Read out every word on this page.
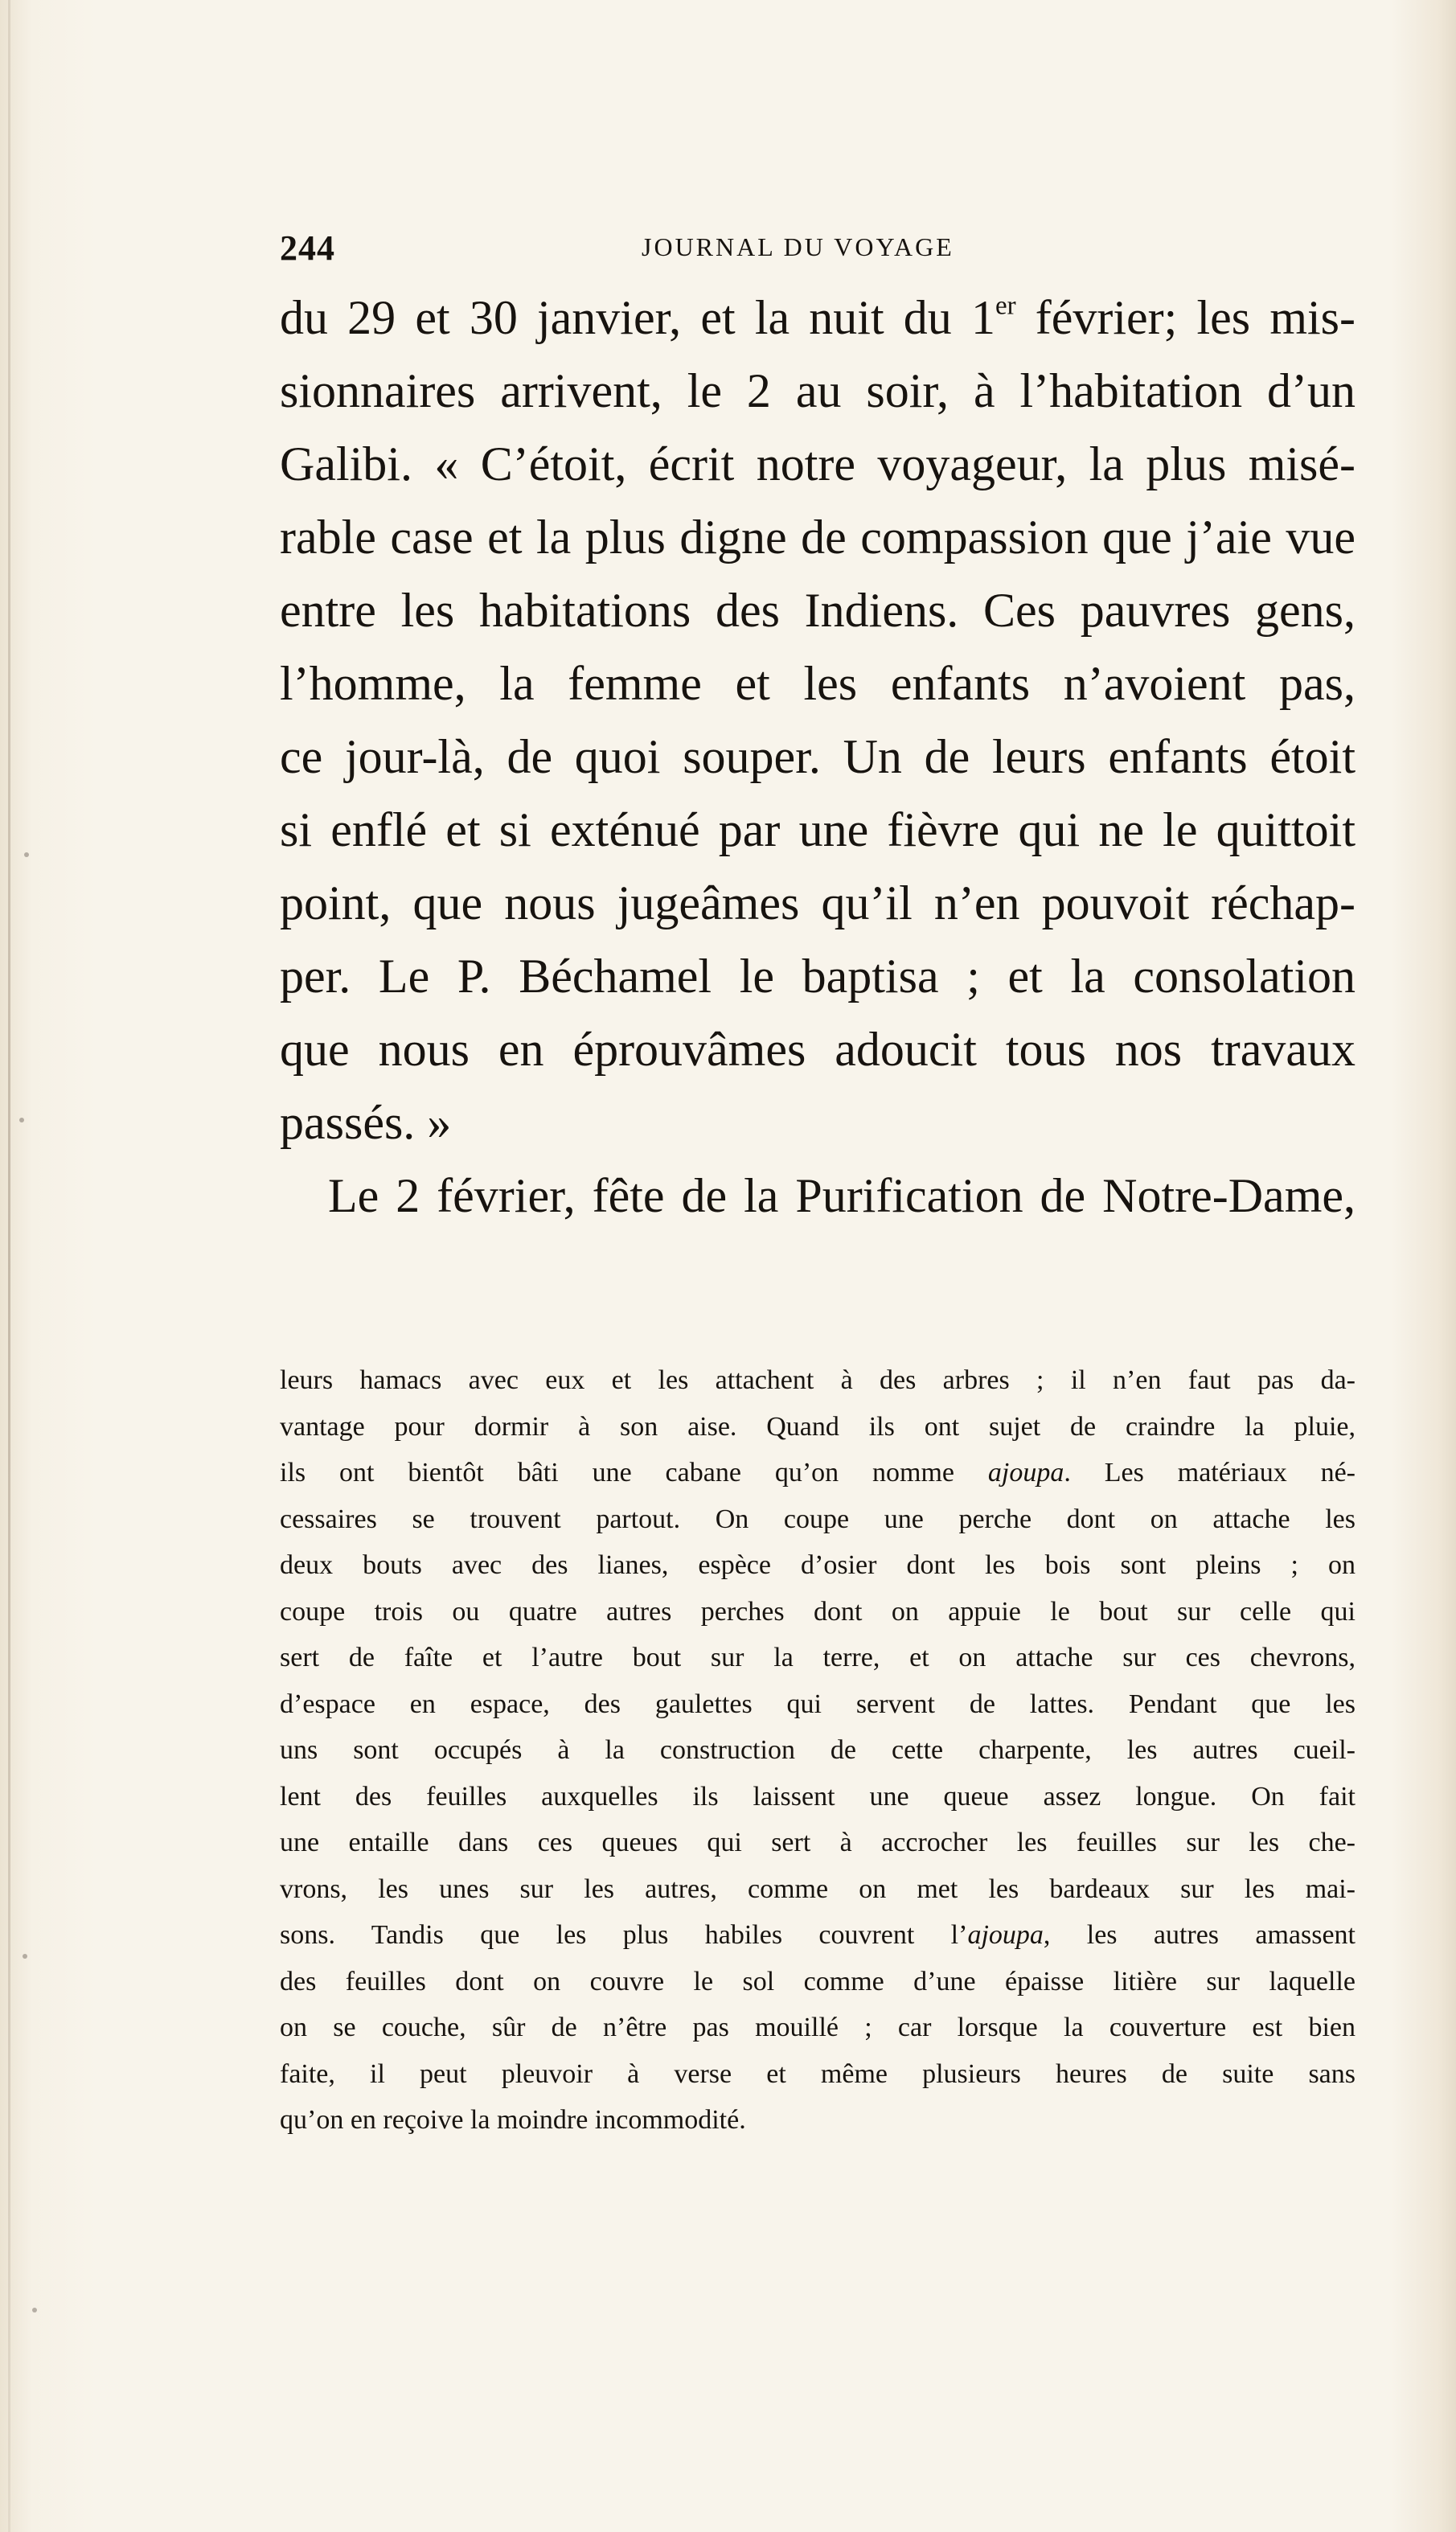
244	JOURNAL DU VOYAGE
du 29 et 30 janvier, et la nuit du 1er février; les mis-
sionnaires arrivent, le 2 au soir, à l’habitation d’un
Galibi. « C’étoit, écrit notre voyageur, la plus misé-
rable case et la plus digne de compassion que j’aie vue
entre les habitations des Indiens. Ces pauvres gens,
l’homme, la femme et les enfants n’avoient pas,
ce jour-là, de quoi souper. Un de leurs enfants étoit
si enflé et si exténué par une fièvre qui ne le quittoit
point, que nous jugeâmes qu’il n’en pouvoit réchap-
per. Le P. Béchamel le baptisa ; et la consolation
que nous en éprouvâmes adoucit tous nos travaux
passés. »
Le 2 février, fête de la Purification de Notre-Dame,
leurs hamacs avec eux et les attachent à des arbres ; il n’en faut pas da-
vantage pour dormir à son aise. Quand ils ont sujet de craindre la pluie,
ils ont bientôt bâti une cabane qu’on nomme ajoupa. Les matériaux né-
cessaires se trouvent partout. On coupe une perche dont on attache les
deux bouts avec des lianes, espèce d’osier dont les bois sont pleins ; on
coupe trois ou quatre autres perches dont on appuie le bout sur celle qui
sert de faîte et l’autre bout sur la terre, et on attache sur ces chevrons,
d’espace en espace, des gaulettes qui servent de lattes. Pendant que les
uns sont occupés à la construction de cette charpente, les autres cueil-
lent des feuilles auxquelles ils laissent une queue assez longue. On fait
une entaille dans ces queues qui sert à accrocher les feuilles sur les che-
vrons, les unes sur les autres, comme on met les bardeaux sur les mai-
sons. Tandis que les plus habiles couvrent l’ajoupa, les autres amassent
des feuilles dont on couvre le sol comme d’une épaisse litière sur laquelle
on se couche, sûr de n’être pas mouillé ; car lorsque la couverture est bien
faite, il peut pleuvoir à verse et même plusieurs heures de suite sans
qu’on en reçoive la moindre incommodité.
